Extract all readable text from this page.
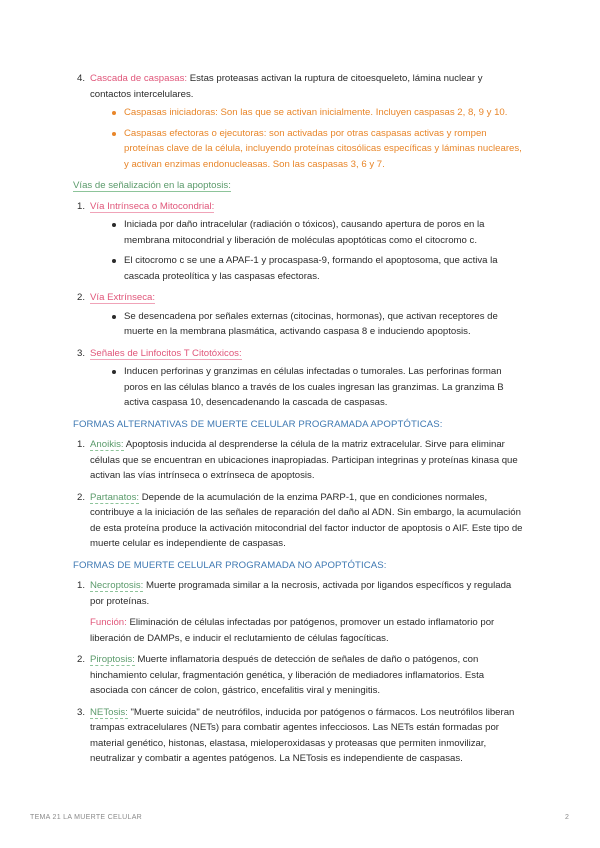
4. Cascada de caspasas: Estas proteasas activan la ruptura de citoesqueleto, lámina nuclear y contactos intercelulares.
Caspasas iniciadoras: Son las que se activan inicialmente. Incluyen caspasas 2, 8, 9 y 10.
Caspasas efectoras o ejecutoras: son activadas por otras caspasas activas y rompen proteínas clave de la célula, incluyendo proteínas citosólicas específicas y láminas nucleares, y activan enzimas endonucleasas. Son las caspasas 3, 6 y 7.
Vías de señalización en la apoptosis:
1. Vía Intrínseca o Mitocondrial:
Iniciada por daño intracelular (radiación o tóxicos), causando apertura de poros en la membrana mitocondrial y liberación de moléculas apoptóticas como el citocromo c.
El citocromo c se une a APAF-1 y procaspasa-9, formando el apoptosoma, que activa la cascada proteolítica y las caspasas efectoras.
2. Vía Extrínseca:
Se desencadena por señales externas (citocinas, hormonas), que activan receptores de muerte en la membrana plasmática, activando caspasa 8 e induciendo apoptosis.
3. Señales de Linfocitos T Citotóxicos:
Inducen perforinas y granzimas en células infectadas o tumorales. Las perforinas forman poros en las células blanco a través de los cuales ingresan las granzimas. La granzima B activa caspasa 10, desencadenando la cascada de caspasas.
FORMAS ALTERNATIVAS DE MUERTE CELULAR PROGRAMADA APOPTÓTICAS:
1. Anoikis: Apoptosis inducida al desprenderse la célula de la matriz extracelular. Sirve para eliminar células que se encuentran en ubicaciones inapropiadas. Participan integrinas y proteínas kinasa que activan las vías intrínseca o extrínseca de apoptosis.
2. Partanatos: Depende de la acumulación de la enzima PARP-1, que en condiciones normales, contribuye a la iniciación de las señales de reparación del daño al ADN. Sin embargo, la acumulación de esta proteína produce la activación mitocondrial del factor inductor de apoptosis o AIF. Este tipo de muerte celular es independiente de caspasas.
FORMAS DE MUERTE CELULAR PROGRAMADA NO APOPTÓTICAS:
1. Necroptosis: Muerte programada similar a la necrosis, activada por ligandos específicos y regulada por proteínas.
Función: Eliminación de células infectadas por patógenos, promover un estado inflamatorio por liberación de DAMPs, e inducir el reclutamiento de células fagocíticas.
2. Piroptosis: Muerte inflamatoria después de detección de señales de daño o patógenos, con hinchamiento celular, fragmentación genética, y liberación de mediadores inflamatorios. Esta asociada con cáncer de colon, gástrico, encefalitis viral y meningitis.
3. NETosis: "Muerte suicida" de neutrófilos, inducida por patógenos o fármacos. Los neutrófilos liberan trampas extracelulares (NETs) para combatir agentes infecciosos. Las NETs están formadas por material genético, histonas, elastasa, mieloperoxidasas y proteasas que permiten inmovilizar, neutralizar y combatir a agentes patógenos. La NETosis es independiente de caspasas.
TEMA 21 LA MUERTE CELULAR	2
